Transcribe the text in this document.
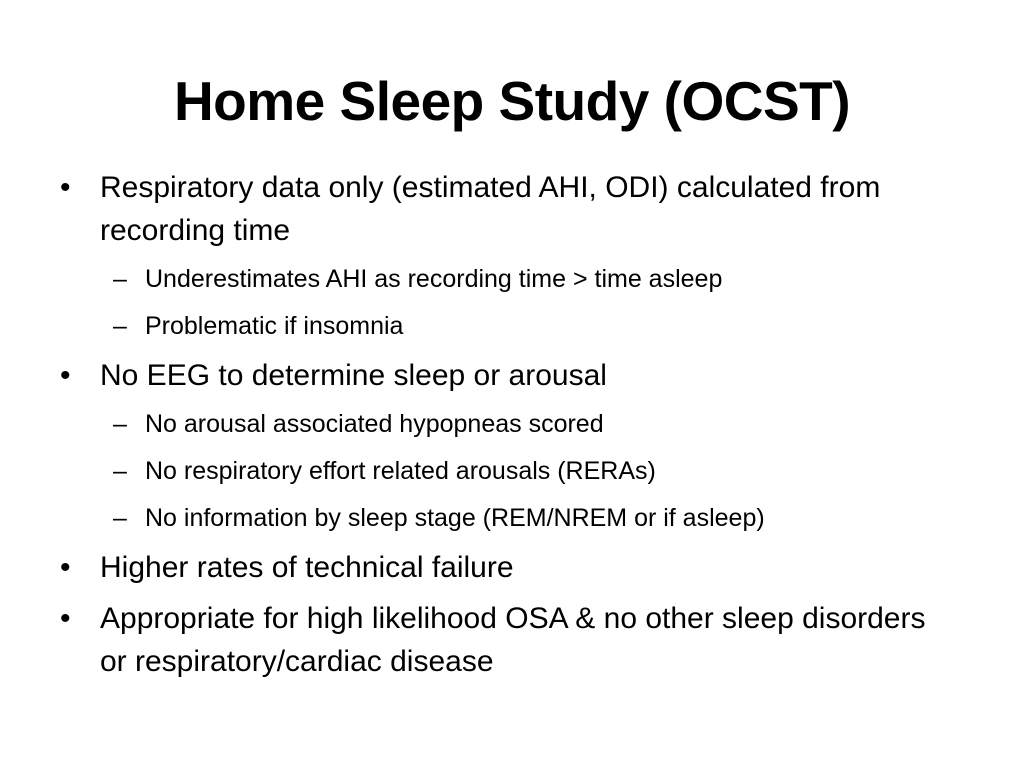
Home Sleep Study (OCST)
• Respiratory data only (estimated AHI, ODI) calculated from recording time
– Underestimates AHI as recording time > time asleep
– Problematic if insomnia
• No EEG to determine sleep or arousal
– No arousal associated hypopneas scored
– No respiratory effort related arousals (RERAs)
– No information by sleep stage (REM/NREM or if asleep)
• Higher rates of technical failure
• Appropriate for high likelihood OSA & no other sleep disorders or respiratory/cardiac disease
